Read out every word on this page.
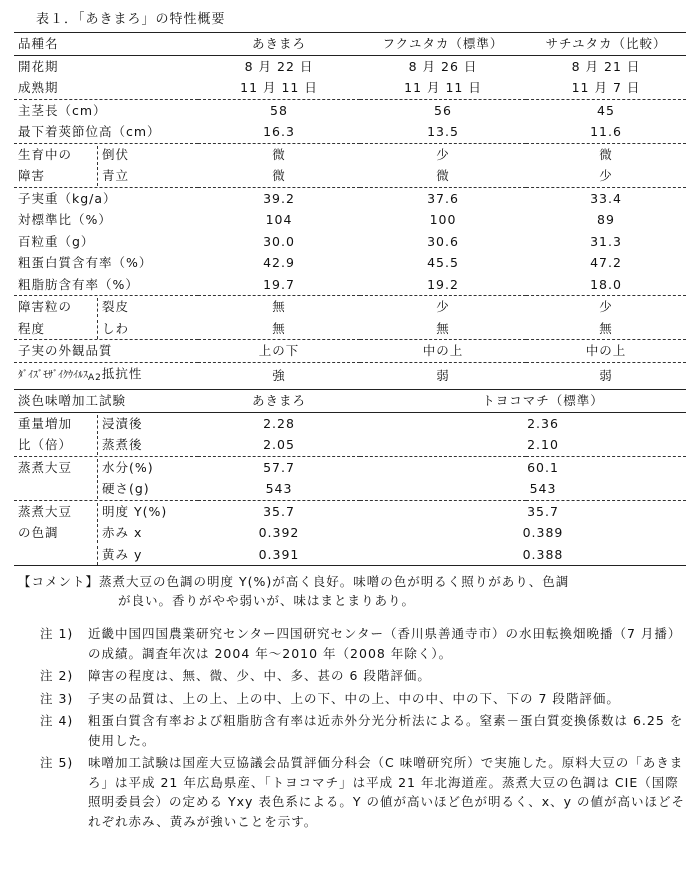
表１．「あきまろ」の特性概要
品種名	あきまろ	フクユタカ（標準）	サチユタカ（比較）
開花期	8 月 22 日	8 月 26 日	8 月 21 日
成熟期	11 月 11 日	11 月 11 日	11 月 7 日
主茎長（cm）	58	56	45
最下着莢節位高（cm）	16.3	13.5	11.6
生育中の 倒伏	微	少	微
障害 青立	微	微	少
子実重（kg/a）	39.2	37.6	33.4
対標準比（%）	104	100	89
百粒重（g）	30.0	30.6	31.3
粗蛋白質含有率（%）	42.9	45.5	47.2
粗脂肪含有率（%）	19.7	19.2	18.0
障害粒の 裂皮	無	少	少
程度 しわ	無	無	無
子実の外観品質	上の下	中の上	中の上
ﾀﾞｲｽﾞﾓｻﾞｲｸｳｲﾙｽ$_{A2}$抵抗性	強	弱	弱
淡色味噌加工試験	あきまろ	トヨコマチ（標準）	
重量増加 浸漬後	2.28	2.36	
比（倍） 蒸煮後	2.05	2.10	
蒸煮大豆 水分(%)	57.7	60.1	
硬さ(g)	543	543	
蒸煮大豆 明度 Y(%)	35.7	35.7	
の色調 赤み x	0.392	0.389	
黄み y	0.391	0.388	
【コメント】蒸煮大豆の色調の明度 Y(%)が高く良好。味噌の色が明るく照りがあり、色調
が良い。香りがやや弱いが、味はまとまりあり。
注 1)	近畿中国四国農業研究センター四国研究センター（香川県善通寺市）の水田転換畑晩播（7 月播）の成績。調査年次は 2004 年～2010 年（2008 年除く）。
注 2)	障害の程度は、無、微、少、中、多、甚の 6 段階評価。
注 3)	子実の品質は、上の上、上の中、上の下、中の上、中の中、中の下、下の 7 段階評価。
注 4)	粗蛋白質含有率および粗脂肪含有率は近赤外分光分析法による。窒素－蛋白質変換係数は 6.25 を使用した。
注 5)	味噌加工試験は国産大豆協議会品質評価分科会（C 味噌研究所）で実施した。原料大豆の「あきまろ」は平成 21 年広島県産、「トヨコマチ」は平成 21 年北海道産。蒸煮大豆の色調は CIE（国際照明委員会）の定める Yxy 表色系による。Y の値が高いほど色が明るく、x、y の値が高いほどそれぞれ赤み、黄みが強いことを示す。
